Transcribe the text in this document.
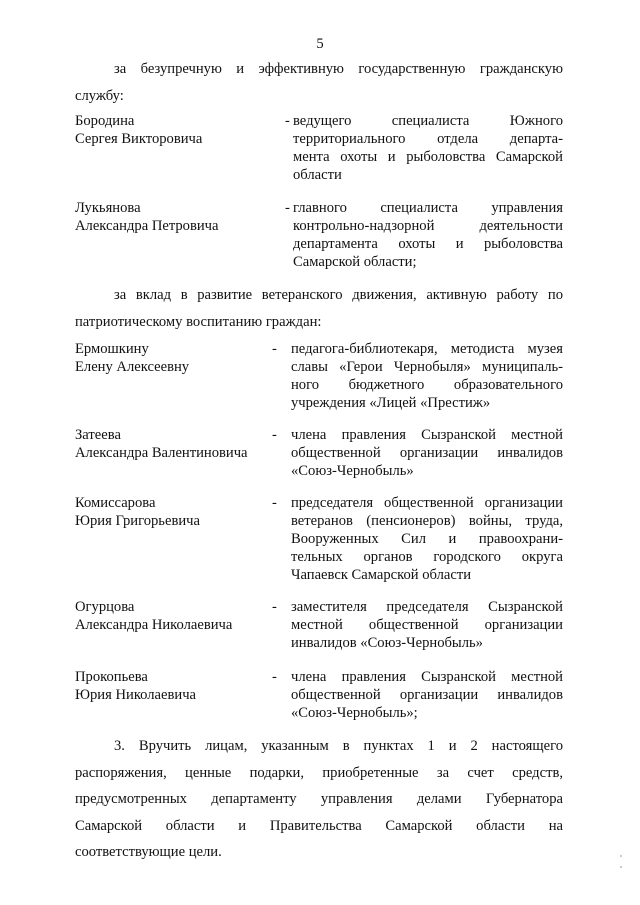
5
за безупречную и эффективную государственную гражданскую
службу:
Бородина
Сергея Викторовича
- ведущего специалиста Южного
территориального отдела департа-
мента охоты и рыболовства Самарской
области
Лукьянова
Александра Петровича
- главного специалиста управления
контрольно-надзорной деятельности
департамента охоты и рыболовства
Самарской области;
за вклад в развитие ветеранского движения, активную работу по
патриотическому воспитанию граждан:
Ермошкину
Елену Алексеевну
- педагога-библиотекаря, методиста музея
славы «Герои Чернобыля» муниципаль-
ного бюджетного образовательного
учреждения «Лицей «Престиж»
Затеева
Александра Валентиновича
- члена правления Сызранской местной
общественной организации инвалидов
«Союз-Чернобыль»
Комиссарова
Юрия Григорьевича
- председателя общественной организации
ветеранов (пенсионеров) войны, труда,
Вооруженных Сил и правоохрани-
тельных органов городского округа
Чапаевск Самарской области
Огурцова
Александра Николаевича
- заместителя председателя Сызранской
местной общественной организации
инвалидов «Союз-Чернобыль»
Прокопьева
Юрия Николаевича
- члена правления Сызранской местной
общественной организации инвалидов
«Союз-Чернобыль»;
3. Вручить лицам, указанным в пунктах 1 и 2 настоящего
распоряжения, ценные подарки, приобретенные за счет средств,
предусмотренных департаменту управления делами Губернатора
Самарской области и Правительства Самарской области на
соответствующие цели.
